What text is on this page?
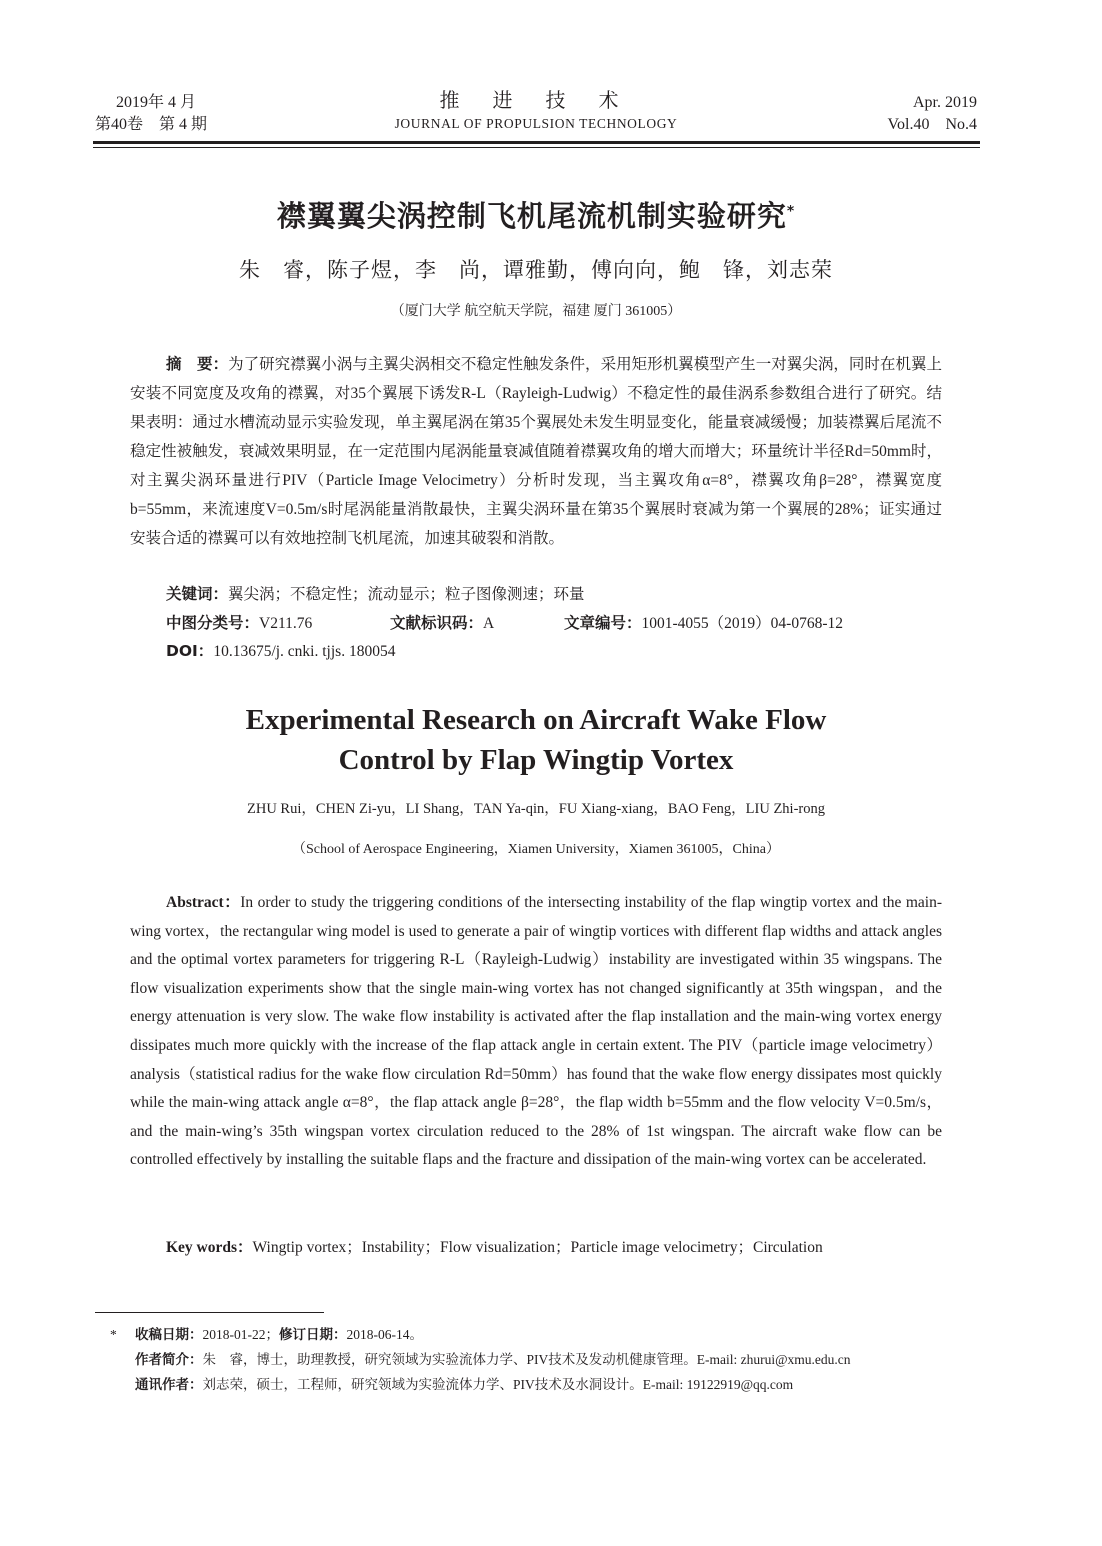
2019年 4 月
第40卷　第 4 期
推 进 技 术
JOURNAL OF PROPULSION TECHNOLOGY
Apr. 2019
Vol.40　No.4
襟翼翼尖涡控制飞机尾流机制实验研究*
朱　睿，陈子煜，李　尚，谭雅勤，傅向向，鲍　锋，刘志荣
（厦门大学 航空航天学院，福建 厦门 361005）
摘　要：为了研究襟翼小涡与主翼尖涡相交不稳定性触发条件，采用矩形机翼模型产生一对翼尖涡，同时在机翼上安装不同宽度及攻角的襟翼，对35个翼展下诱发R-L（Rayleigh-Ludwig）不稳定性的最佳涡系参数组合进行了研究。结果表明：通过水槽流动显示实验发现，单主翼尾涡在第35个翼展处未发生明显变化，能量衰减缓慢；加装襟翼后尾流不稳定性被触发，衰减效果明显，在一定范围内尾涡能量衰减值随着襟翼攻角的增大而增大；环量统计半径Rd=50mm时，对主翼尖涡环量进行PIV（Particle Image Velocimetry）分析时发现，当主翼攻角α=8°，襟翼攻角β=28°，襟翼宽度b=55mm，来流速度V=0.5m/s时尾涡能量消散最快，主翼尖涡环量在第35个翼展时衰减为第一个翼展的28%；证实通过安装合适的襟翼可以有效地控制飞机尾流，加速其破裂和消散。
关键词：翼尖涡；不稳定性；流动显示；粒子图像测速；环量
中图分类号：V211.76	文献标识码：A	文章编号：1001-4055（2019）04-0768-12
DOI：10.13675/j. cnki. tjjs. 180054
Experimental Research on Aircraft Wake Flow
Control by Flap Wingtip Vortex
ZHU Rui，CHEN Zi-yu，LI Shang，TAN Ya-qin，FU Xiang-xiang，BAO Feng，LIU Zhi-rong
（School of Aerospace Engineering，Xiamen University，Xiamen 361005，China）
Abstract：In order to study the triggering conditions of the intersecting instability of the flap wingtip vortex and the main-wing vortex，the rectangular wing model is used to generate a pair of wingtip vortices with different flap widths and attack angles and the optimal vortex parameters for triggering R-L（Rayleigh-Ludwig）instability are investigated within 35 wingspans. The flow visualization experiments show that the single main-wing vortex has not changed significantly at 35th wingspan，and the energy attenuation is very slow. The wake flow instability is activated after the flap installation and the main-wing vortex energy dissipates much more quickly with the increase of the flap attack angle in certain extent. The PIV（particle image velocimetry）analysis（statistical radius for the wake flow circulation Rd=50mm）has found that the wake flow energy dissipates most quickly while the main-wing attack angle α=8°，the flap attack angle β=28°，the flap width b=55mm and the flow velocity V=0.5m/s，and the main-wing’s 35th wingspan vortex circulation reduced to the 28% of 1st wingspan. The aircraft wake flow can be controlled effectively by installing the suitable flaps and the fracture and dissipation of the main-wing vortex can be accelerated.
Key words：Wingtip vortex；Instability；Flow visualization；Particle image velocimetry；Circulation
* 收稿日期：2018-01-22；修订日期：2018-06-14。
作者简介：朱　睿，博士，助理教授，研究领域为实验流体力学、PIV技术及发动机健康管理。E-mail: zhurui@xmu.edu.cn
通讯作者：刘志荣，硕士，工程师，研究领域为实验流体力学、PIV技术及水洞设计。E-mail: 19122919@qq.com
